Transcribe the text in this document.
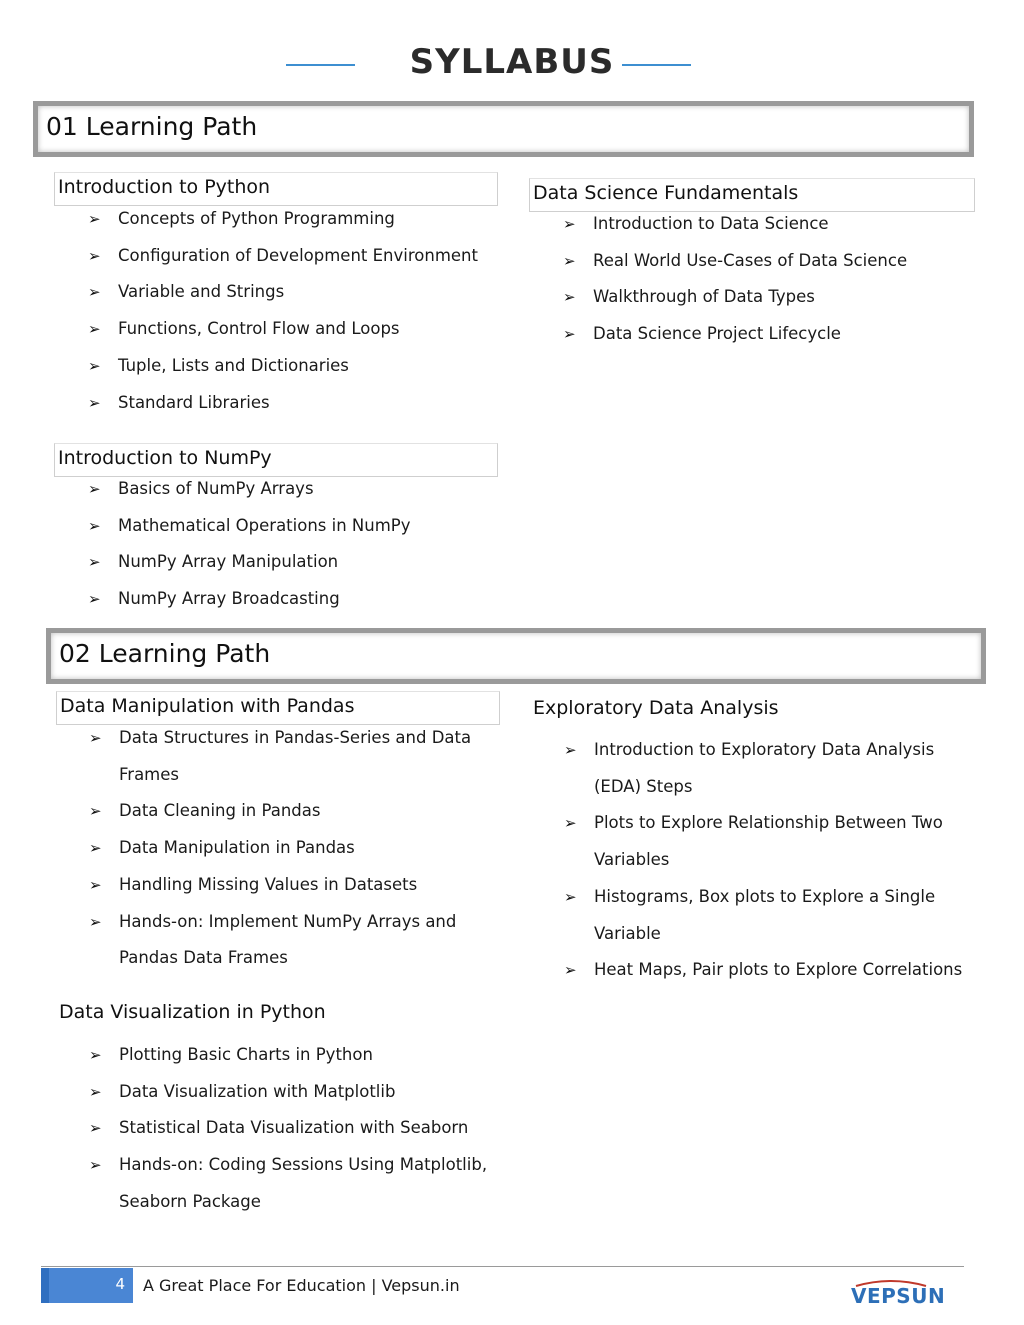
SYLLABUS
01 Learning Path
Introduction to Python
➢ Concepts of Python Programming
➢ Configuration of Development Environment
➢ Variable and Strings
➢ Functions, Control Flow and Loops
➢ Tuple, Lists and Dictionaries
➢ Standard Libraries
Introduction to NumPy
➢ Basics of NumPy Arrays
➢ Mathematical Operations in NumPy
➢ NumPy Array Manipulation
➢ NumPy Array Broadcasting
Data Science Fundamentals
➢ Introduction to Data Science
➢ Real World Use-Cases of Data Science
➢ Walkthrough of Data Types
➢ Data Science Project Lifecycle
02 Learning Path
Data Manipulation with Pandas
➢ Data Structures in Pandas-Series and Data
Frames
➢ Data Cleaning in Pandas
➢ Data Manipulation in Pandas
➢ Handling Missing Values in Datasets
➢ Hands-on: Implement NumPy Arrays and
Pandas Data Frames
Data Visualization in Python
➢ Plotting Basic Charts in Python
➢ Data Visualization with Matplotlib
➢ Statistical Data Visualization with Seaborn
➢ Hands-on: Coding Sessions Using Matplotlib,
Seaborn Package
Exploratory Data Analysis
➢ Introduction to Exploratory Data Analysis
(EDA) Steps
➢ Plots to Explore Relationship Between Two
Variables
➢ Histograms, Box plots to Explore a Single
Variable
➢ Heat Maps, Pair plots to Explore Correlations
4 A Great Place For Education | Vepsun.in	VEPSUN
